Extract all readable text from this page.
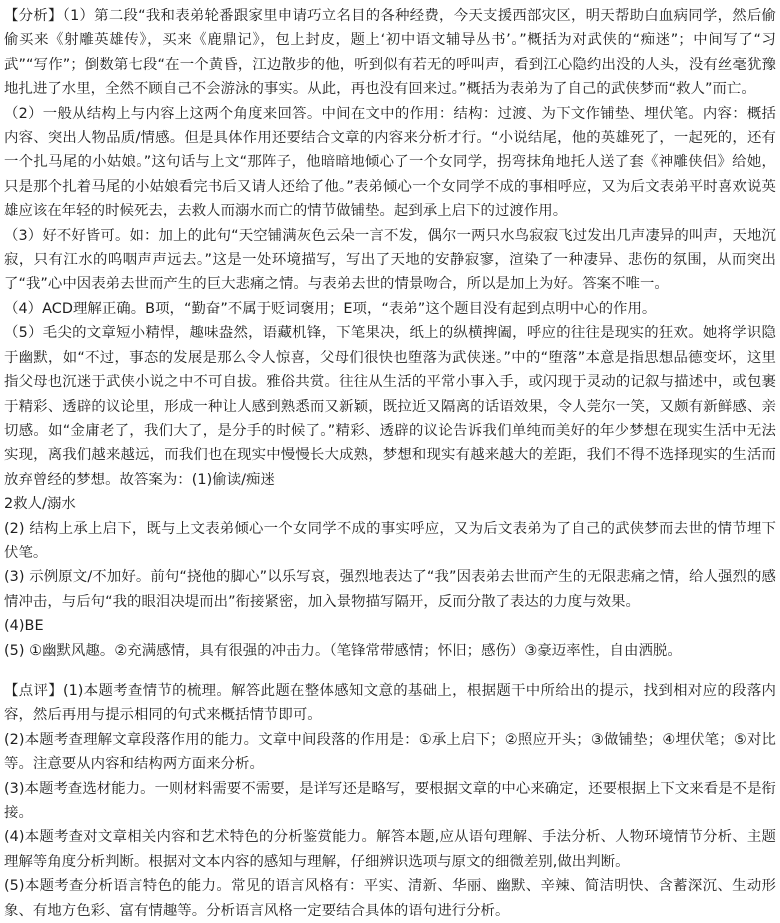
【分析】（1）第二段“我和表弟轮番跟家里申请巧立名目的各种经费，今天支援西部灾区，明天帮助白血病同学，然后偷偷买来《射雕英雄传》，买来《鹿鼎记》，包上封皮，题上‘初中语文辅导丛书’。”概括为对武侠的“痴迷”；中间写了“习武”“写作”；倒数第七段“在一个黄昏，江边散步的他，听到似有若无的呼叫声，看到江心隐约出没的人头，没有丝毫犹豫地扎进了水里，全然不顾自己不会游泳的事实。从此，再也没有回来过。”概括为表弟为了自己的武侠梦而“救人”而亡。

（2）一般从结构上与内容上这两个角度来回答。中间在文中的作用：结构：过渡、为下文作铺垫、埋伏笔。内容：概括内容、突出人物品质/情感。但是具体作用还要结合文章的内容来分析才行。“小说结尾，他的英雄死了，一起死的，还有一个扎马尾的小姑娘。”这句话与上文“那阵子，他暗暗地倾心了一个女同学，拐弯抹角地托人送了套《神雕侠侣》给她，只是那个扎着马尾的小姑娘看完书后又请人还给了他。”表弟倾心一个女同学不成的事相呼应，又为后文表弟平时喜欢说英雄应该在年轻的时候死去，去救人而溺水而亡的情节做铺垫。起到承上启下的过渡作用。

（3）好不好皆可。如：加上的此句“天空铺满灰色云朵一言不发，偶尔一两只水鸟寂寂飞过发出几声凄异的叫声，天地沉寂，只有江水的呜咽声声远去。”这是一处环境描写，写出了天地的安静寂寥，渲染了一种凄异、悲伤的氛围，从而突出了“我”心中因表弟去世而产生的巨大悲痛之情。与表弟去世的情景吻合，所以是加上为好。答案不唯一。

（4）ACD理解正确。B项，“勤奋”不属于贬词褒用；E项，“表弟”这个题目没有起到点明中心的作用。

（5）毛尖的文章短小精悍，趣味盎然，语藏机锋，下笔果决，纸上的纵横捭阖，呼应的往往是现实的狂欢。她将学识隐于幽默，如“不过，事态的发展是那么令人惊喜，父母们很快也堕落为武侠迷。”中的“堕落”本意是指思想品德变坏，这里指父母也沉迷于武侠小说之中不可自拔。雅俗共赏。往往从生活的平常小事入手，或闪现于灵动的记叙与描述中，或包裹于精彩、透辟的议论里，形成一种让人感到熟悉而又新颖，既拉近又隔离的话语效果，令人莞尔一笑，又颇有新鲜感、亲切感。如“金庸老了，我们大了，是分手的时候了。”精彩、透辟的议论告诉我们单纯而美好的年少梦想在现实生活中无法实现，离我们越来越远，而我们也在现实中慢慢长大成熟，梦想和现实有越来越大的差距，我们不得不选择现实的生活而放弃曾经的梦想。故答案为：(1)偷读/痴迷

2救人/溺水

(2) 结构上承上启下，既与上文表弟倾心一个女同学不成的事实呼应，又为后文表弟为了自己的武侠梦而去世的情节埋下伏笔。

(3) 示例原文/不加好。前句“挠他的脚心”以乐写哀，强烈地表达了“我”因表弟去世而产生的无限悲痛之情，给人强烈的感情冲击，与后句“我的眼泪决堤而出”衔接紧密，加入景物描写隔开，反而分散了表达的力度与效果。

(4)BE

(5) ①幽默风趣。②充满感情，具有很强的冲击力。（笔锋常带感情；怀旧；感伤）③豪迈率性，自由洒脱。

【点评】(1)本题考查情节的梳理。解答此题在整体感知文意的基础上，根据题干中所给出的提示，找到相对应的段落内容，然后再用与提示相同的句式来概括情节即可。

(2)本题考查理解文章段落作用的能力。文章中间段落的作用是：①承上启下；②照应开头；③做铺垫；④埋伏笔；⑤对比等。注意要从内容和结构两方面来分析。

(3)本题考查选材能力。一则材料需要不需要，是详写还是略写，要根据文章的中心来确定，还要根据上下文来看是不是衔接。

(4)本题考查对文章相关内容和艺术特色的分析鉴赏能力。解答本题,应从语句理解、手法分析、人物环境情节分析、主题理解等角度分析判断。根据对文本内容的感知与理解，仔细辨识选项与原文的细微差别,做出判断。

(5)本题考查分析语言特色的能力。常见的语言风格有：平实、清新、华丽、幽默、辛辣、简洁明快、含蓄深沉、生动形象、有地方色彩、富有情趣等。分析语言风格一定要结合具体的语句进行分析。
